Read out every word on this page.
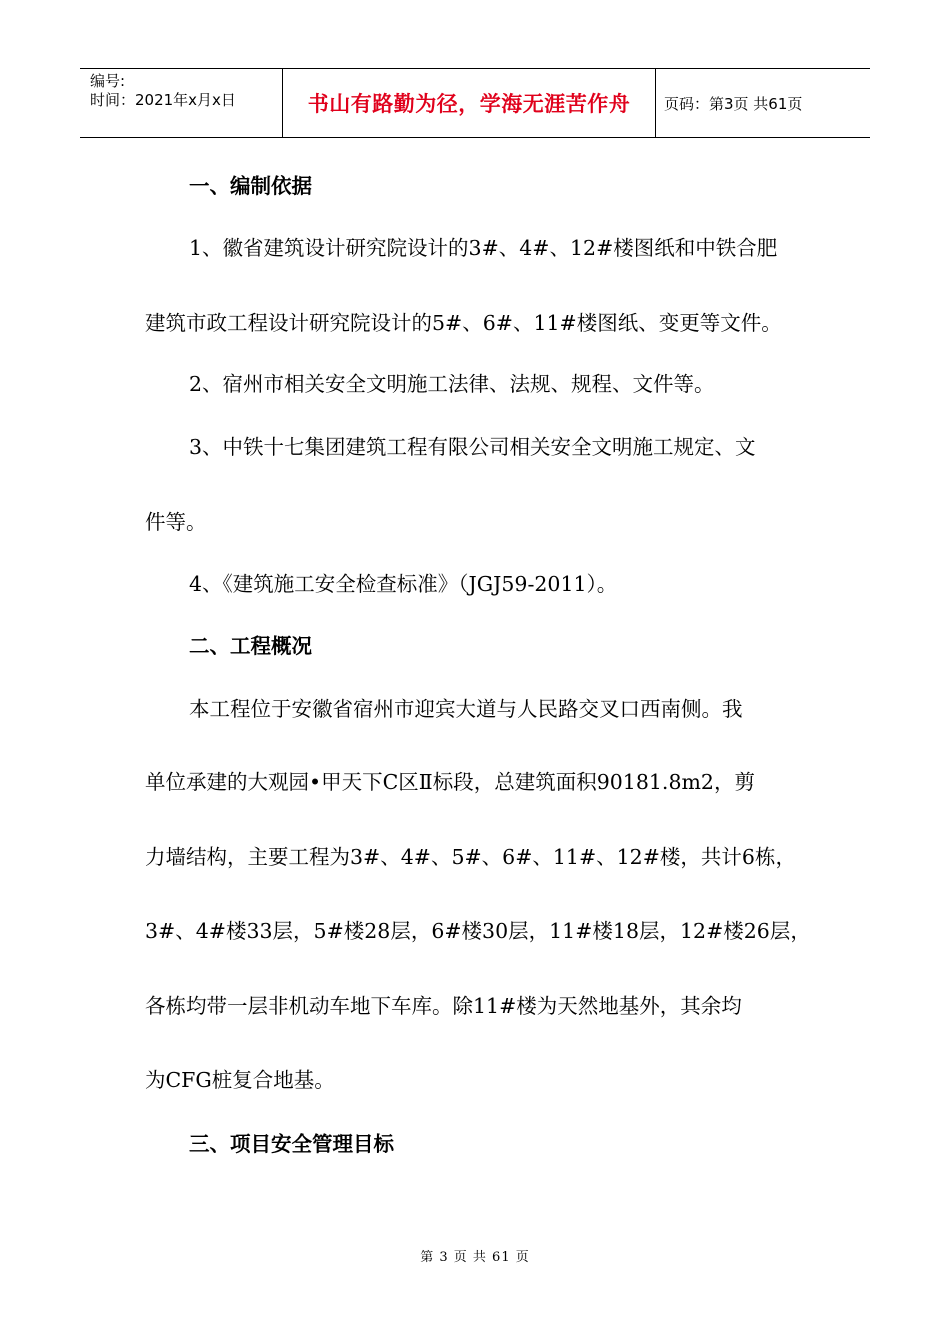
编号:
时间：2021年x月x日	书山有路勤为径，学海无涯苦作舟	页码：第3页 共61页
一、编制依据
1、徽省建筑设计研究院设计的3#、4#、12#楼图纸和中铁合肥
建筑市政工程设计研究院设计的5#、6#、11#楼图纸、变更等文件。
2、宿州市相关安全文明施工法律、法规、规程、文件等。
3、中铁十七集团建筑工程有限公司相关安全文明施工规定、文
件等。
4、《建筑施工安全检查标准》（JGJ59-2011）。
二、工程概况
本工程位于安徽省宿州市迎宾大道与人民路交叉口西南侧。我
单位承建的大观园•甲天下C区Ⅱ标段，总建筑面积90181.8m2，剪
力墙结构，主要工程为3#、4#、5#、6#、11#、12#楼，共计6栋，
3#、4#楼33层，5#楼28层，6#楼30层，11#楼18层，12#楼26层，
各栋均带一层非机动车地下车库。除11#楼为天然地基外，其余均
为CFG桩复合地基。
三、项目安全管理目标
第 3 页 共 61 页
